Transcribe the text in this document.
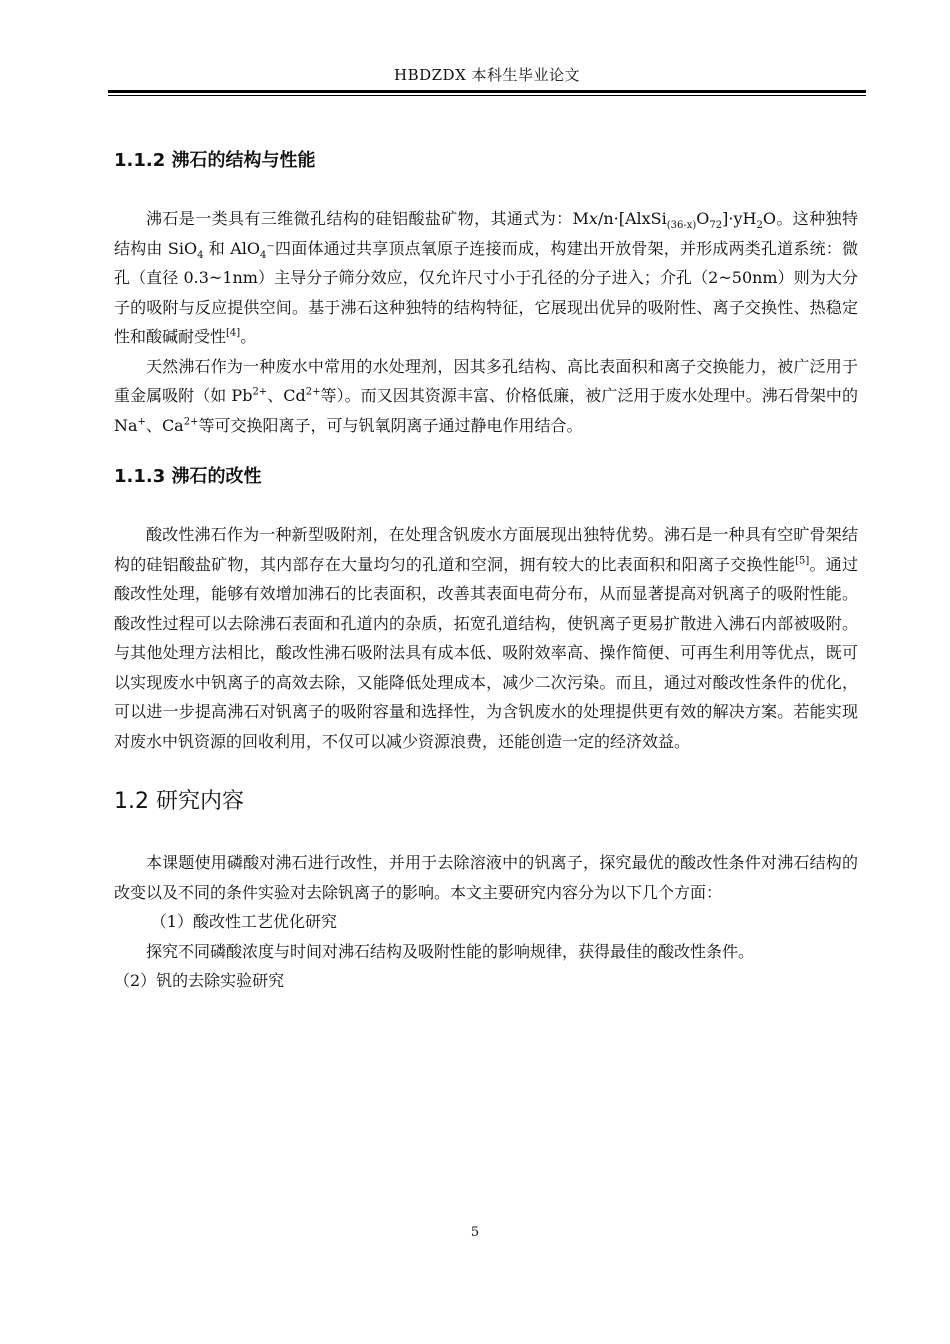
HBDZDX 本科生毕业论文
1.1.2 沸石的结构与性能

沸石是一类具有三维微孔结构的硅铝酸盐矿物，其通式为：$Mx/n\cdot[AlxSi_{(36-x)}O_{72}]\cdot yH_2O$。这种独特结构由 SiO$_4$ 和 AlO$_4$⁻四面体通过共享顶点氧原子连接而成，构建出开放骨架，并形成两类孔道系统：微孔（直径 0.3~1nm）主导分子筛分效应，仅允许尺寸小于孔径的分子进入；介孔（2~50nm）则为大分子的吸附与反应提供空间。基于沸石这种独特的结构特征，它展现出优异的吸附性、离子交换性、热稳定性和酸碱耐受性[4]。

天然沸石作为一种废水中常用的水处理剂，因其多孔结构、高比表面积和离子交换能力，被广泛用于重金属吸附（如 $Pb^{2+}$、$Cd^{2+}$等）。而又因其资源丰富、价格低廉，被广泛用于废水处理中。沸石骨架中的 Na+、$Ca^{2+}$等可交换阳离子，可与钒氧阴离子通过静电作用结合。

1.1.3 沸石的改性

酸改性沸石作为一种新型吸附剂，在处理含钒废水方面展现出独特优势。沸石是一种具有空旷骨架结构的硅铝酸盐矿物，其内部存在大量均匀的孔道和空洞，拥有较大的比表面积和阳离子交换性能[5]。通过酸改性处理，能够有效增加沸石的比表面积，改善其表面电荷分布，从而显著提高对钒离子的吸附性能。酸改性过程可以去除沸石表面和孔道内的杂质，拓宽孔道结构，使钒离子更易扩散进入沸石内部被吸附。与其他处理方法相比，酸改性沸石吸附法具有成本低、吸附效率高、操作简便、可再生利用等优点，既可以实现废水中钒离子的高效去除，又能降低处理成本，减少二次污染。而且，通过对酸改性条件的优化，可以进一步提高沸石对钒离子的吸附容量和选择性，为含钒废水的处理提供更有效的解决方案。若能实现对废水中钒资源的回收利用，不仅可以减少资源浪费，还能创造一定的经济效益。

1.2 研究内容

本课题使用磷酸对沸石进行改性，并用于去除溶液中的钒离子，探究最优的酸改性条件对沸石结构的改变以及不同的条件实验对去除钒离子的影响。本文主要研究内容分为以下几个方面：

（1）酸改性工艺优化研究

探究不同磷酸浓度与时间对沸石结构及吸附性能的影响规律，获得最佳的酸改性条件。

（2）钒的去除实验研究

5
